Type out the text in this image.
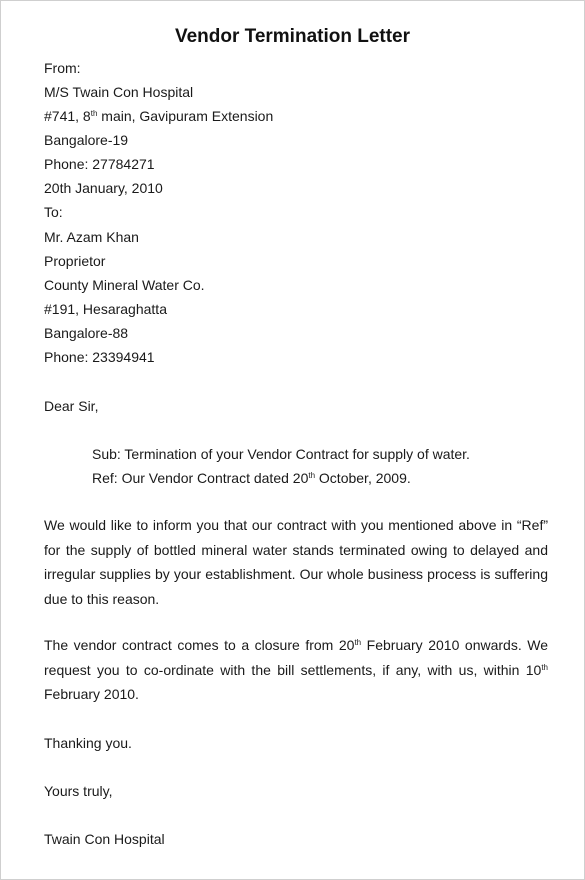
Vendor Termination Letter
From:
M/S Twain Con Hospital
#741, 8th main, Gavipuram Extension
Bangalore-19
Phone: 27784271
20th January, 2010
To:
Mr. Azam Khan
Proprietor
County Mineral Water Co.
#191, Hesaraghatta
Bangalore-88
Phone: 23394941
Dear Sir,
Sub: Termination of your Vendor Contract for supply of water.
Ref: Our Vendor Contract dated 20th October, 2009.
We would like to inform you that our contract with you mentioned above in “Ref” for the supply of bottled mineral water stands terminated owing to delayed and irregular supplies by your establishment. Our whole business process is suffering due to this reason.
The vendor contract comes to a closure from 20th February 2010 onwards. We request you to co-ordinate with the bill settlements, if any, with us, within 10th February 2010.
Thanking you.
Yours truly,
Twain Con Hospital
